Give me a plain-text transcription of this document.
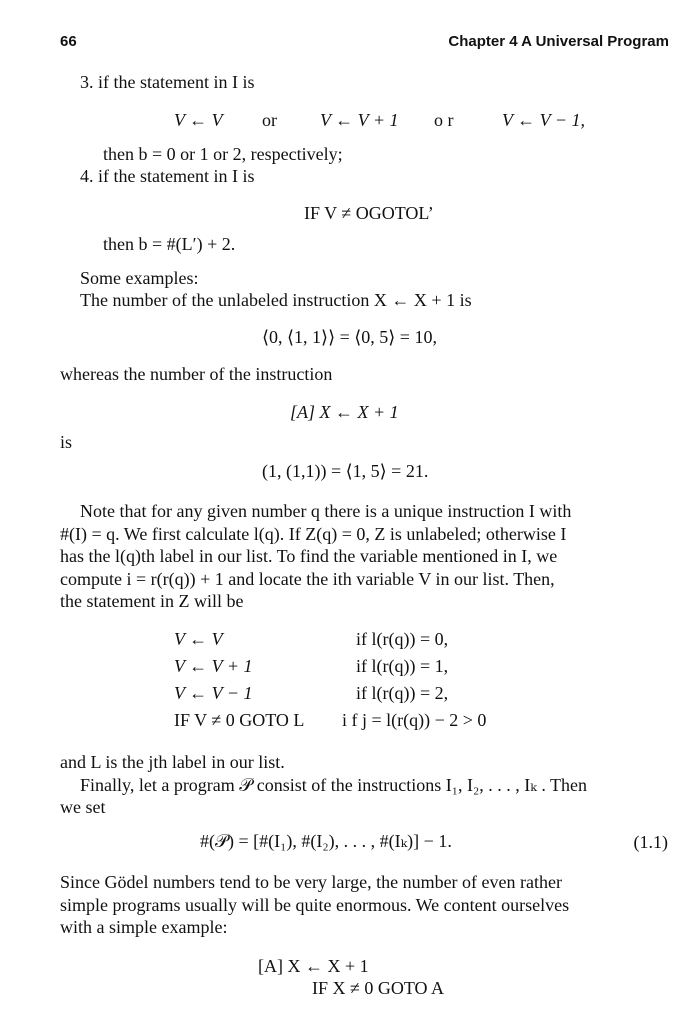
66	Chapter 4 A Universal Program
3. if the statement in I is
V ← V or V ← V + 1 o r	V ← V − 1,
then b = 0 or 1 or 2, respectively;
4. if the statement in I is
IF V ≠ OGOTOL’
then b = #(L′) + 2.
Some examples:
The number of the unlabeled instruction X ← X + 1 is
⟨0, ⟨1, 1⟩⟩ = ⟨0, 5⟩ = 10,
whereas the number of the instruction
[A] X ← X + 1
is
(1, (1,1)) = ⟨1, 5⟩ = 21.
Note that for any given number q there is a unique instruction I with
#(I) = q. We first calculate l(q). If Z(q) = 0, Z is unlabeled; otherwise I
has the l(q)th label in our list. To find the variable mentioned in I, we
compute i = r(r(q)) + 1 and locate the ith variable V in our list. Then,
the statement in Z will be
V ← V	if l(r(q)) = 0,
V ← V + 1	if l(r(q)) = 1,
V ← V − 1	if l(r(q)) = 2,
IF V ≠ 0 GOTO L i f j = l(r(q)) − 2 > 0
and L is the jth label in our list.
Finally, let a program 𝒫 consist of the instructions I₁, I₂, . . . , Iₖ . Then
we set
#(𝒫) = [#(I₁), #(I₂), . . . , #(Iₖ)] − 1.	(1.1)
Since Gödel numbers tend to be very large, the number of even rather
simple programs usually will be quite enormous. We content ourselves
with a simple example:
[A] X ← X + 1
IF X ≠ 0 GOTO A
